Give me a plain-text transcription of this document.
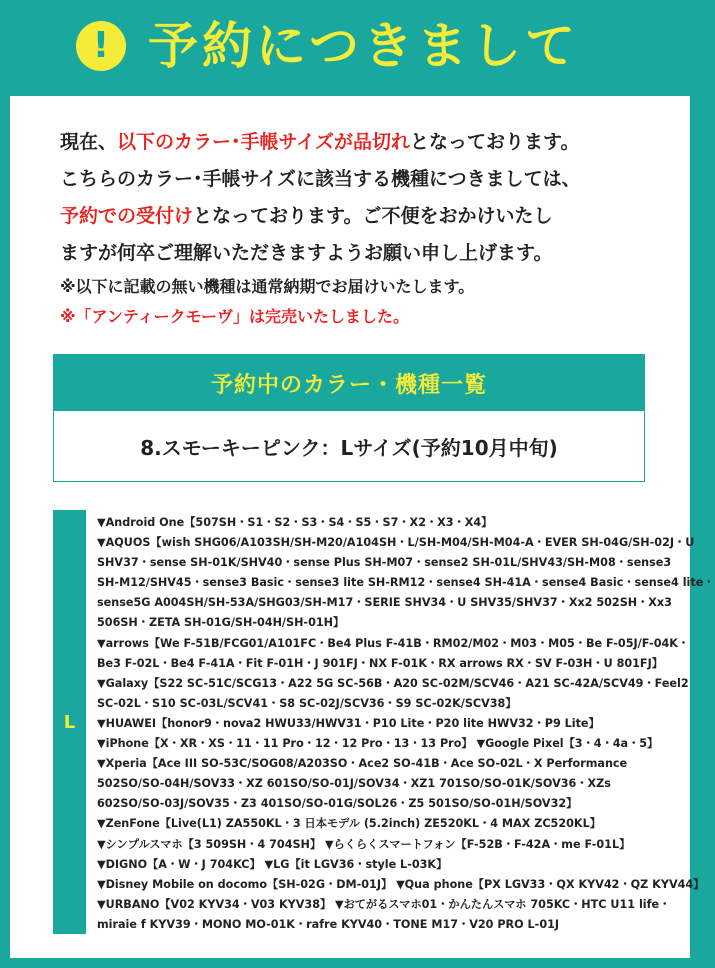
! 予約につきまして

現在、以下のカラー･手帳サイズが品切れとなっております。

こちらのカラー･手帳サイズに該当する機種につきましては、

予約での受付けとなっております。ご不便をおかけいたし

ますが何卒ご理解いただきますようお願い申し上げます。

※以下に記載の無い機種は通常納期でお届けいたします。

※「アンティークモーヴ」は完売いたしました。

予約中のカラー・機種一覧
8.スモーキーピンク：Lサイズ(予約10月中旬)
L
▼Android One【507SH・S1・S2・S3・S4・S5・S7・X2・X3・X4】
▼AQUOS【wish SHG06/A103SH/SH-M20/A104SH・L/SH-M04/SH-M04-A・EVER SH-04G/SH-02J・U
SHV37・sense SH-01K/SHV40・sense Plus SH-M07・sense2 SH-01L/SHV43/SH-M08・sense3
SH-M12/SHV45・sense3 Basic・sense3 lite SH-RM12・sense4 SH-41A・sense4 Basic・sense4 lite・
sense5G A004SH/SH-53A/SHG03/SH-M17・SERIE SHV34・U SHV35/SHV37・Xx2 502SH・Xx3
506SH・ZETA SH-01G/SH-04H/SH-01H】
▼arrows【We F-51B/FCG01/A101FC・Be4 Plus F-41B・RM02/M02・M03・M05・Be F-05J/F-04K・
Be3 F-02L・Be4 F-41A・Fit F-01H・J 901FJ・NX F-01K・RX arrows RX・SV F-03H・U 801FJ】
▼Galaxy【S22 SC-51C/SCG13・A22 5G SC-56B・A20 SC-02M/SCV46・A21 SC-42A/SCV49・Feel2
SC-02L・S10 SC-03L/SCV41・S8 SC-02J/SCV36・S9 SC-02K/SCV38】
▼HUAWEI【honor9・nova2 HWU33/HWV31・P10 Lite・P20 lite HWV32・P9 Lite】
▼iPhone【X・XR・XS・11・11 Pro・12・12 Pro・13・13 Pro】 ▼Google Pixel【3・4・4a・5】
▼Xperia【Ace III SO-53C/SOG08/A203SO・Ace2 SO-41B・Ace SO-02L・X Performance
502SO/SO-04H/SOV33・XZ 601SO/SO-01J/SOV34・XZ1 701SO/SO-01K/SOV36・XZs
602SO/SO-03J/SOV35・Z3 401SO/SO-01G/SOL26・Z5 501SO/SO-01H/SOV32】
▼ZenFone【Live(L1) ZA550KL・3 日本モデル (5.2inch) ZE520KL・4 MAX ZC520KL】
▼シンプルスマホ【3 509SH・4 704SH】 ▼らくらくスマートフォン【F-52B・F-42A・me F-01L】
▼DIGNO【A・W・J 704KC】 ▼LG【it LGV36・style L-03K】
▼Disney Mobile on docomo【SH-02G・DM-01J】 ▼Qua phone【PX LGV33・QX KYV42・QZ KYV44】
▼URBANO【V02 KYV34・V03 KYV38】 ▼おてがるスマホ01・かんたんスマホ 705KC・HTC U11 life・
miraie f KYV39・MONO MO-01K・rafre KYV40・TONE M17・V20 PRO L-01J
